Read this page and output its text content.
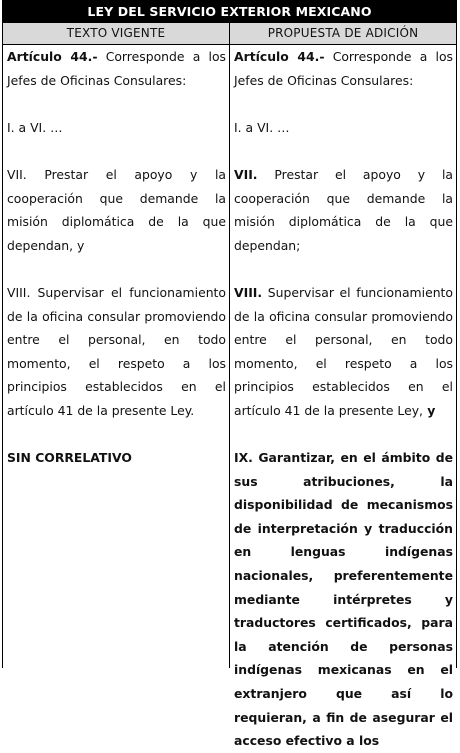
LEY DEL SERVICIO EXTERIOR MEXICANO
TEXTO VIGENTE	PROPUESTA DE ADICIÓN

Artículo 44.- Corresponde a los Jefes de Oficinas Consulares:

I. a VI. …

VII. Prestar el apoyo y la cooperación que demande la misión diplomática de la que dependan, y

VIII. Supervisar el funcionamiento de la oficina consular promoviendo entre el personal, en todo momento, el respeto a los principios establecidos en el artículo 41 de la presente Ley.

SIN CORRELATIVO

Artículo 44.- Corresponde a los Jefes de Oficinas Consulares:

I. a VI. …

VII. Prestar el apoyo y la cooperación que demande la misión diplomática de la que dependan;

VIII. Supervisar el funcionamiento de la oficina consular promoviendo entre el personal, en todo momento, el respeto a los principios establecidos en el artículo 41 de la presente Ley, y

IX. Garantizar, en el ámbito de sus atribuciones, la disponibilidad de mecanismos de interpretación y traducción en lenguas indígenas nacionales, preferentemente mediante intérpretes y traductores certificados, para la atención de personas indígenas mexicanas en el extranjero que así lo requieran, a fin de asegurar el acceso efectivo a los
